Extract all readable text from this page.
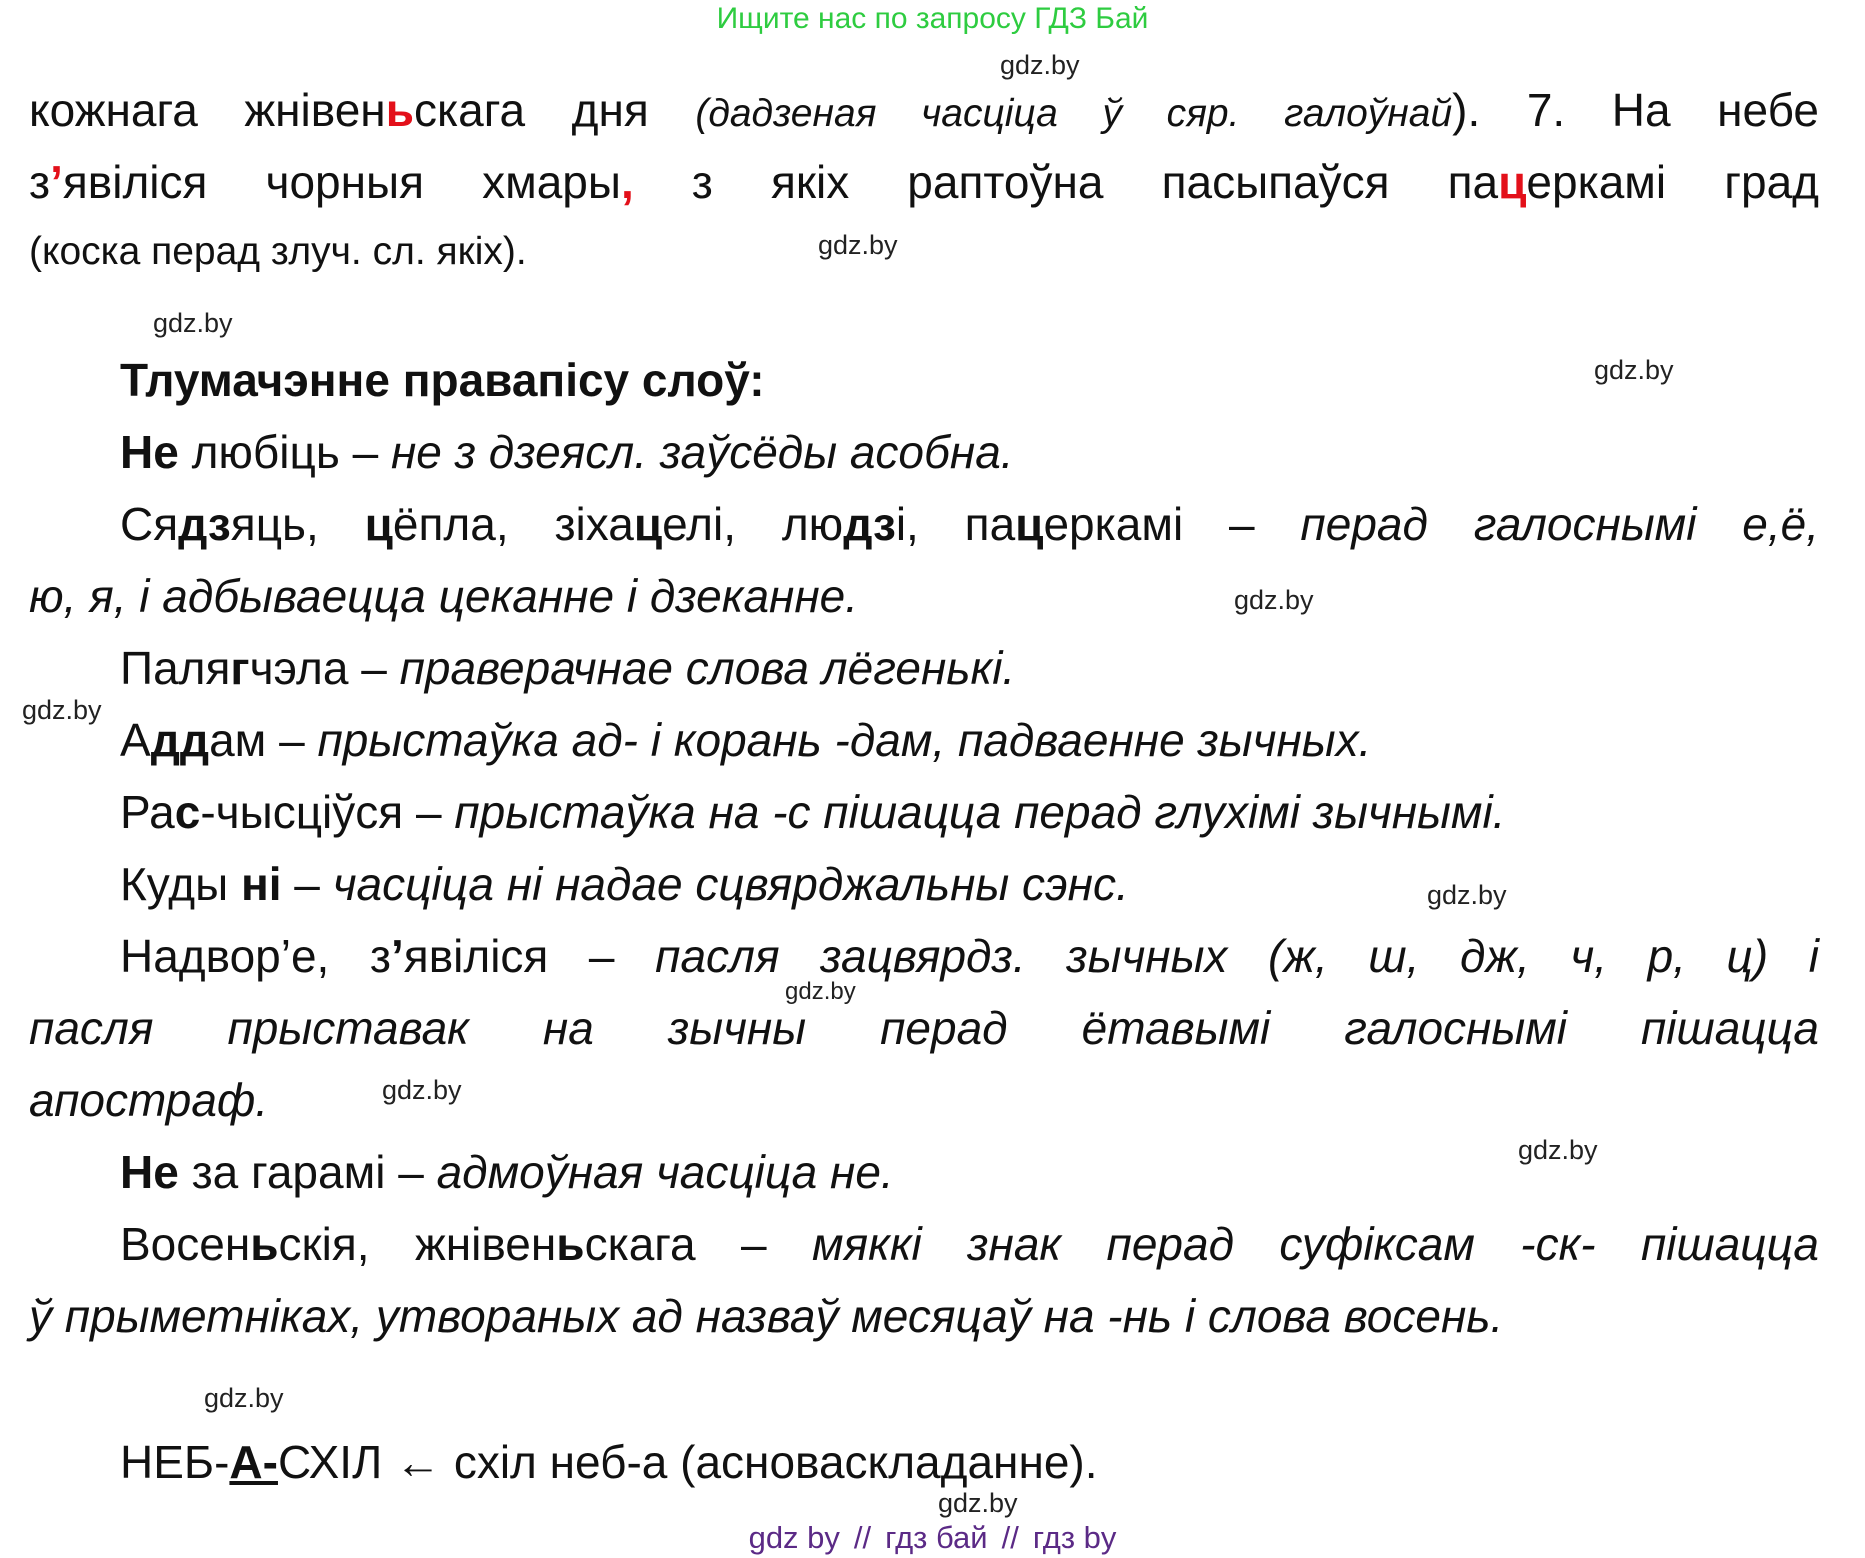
Ищите нас по запросу ГДЗ Бай
gdz.by
gdz.by
gdz.by
gdz.by
gdz.by
gdz.by
gdz.by
gdz.by
gdz.by
gdz.by
gdz.by
gdz.by
кожнага жнівеньскага дня (дадзеная часціца ў сяр. галоўнай). 7. На небе
з’явіліся чорныя хмары, з якіх раптоўна пасыпаўся пацеркамі град
(коска перад злуч. сл. якіх).
Тлумачэнне правапісу слоў:
Не любіць – не з дзеясл. заўсёды асобна.
Сядзяць, цёпла, зіхацелі, людзі, пацеркамі – перад галоснымі е,ё,
ю, я, і адбываецца цеканне і дзеканне.
Палягчэла – праверачнае слова лёгенькі.
Аддам – прыстаўка ад- і корань -дам, падваенне зычных.
Рас-чысціўся – прыстаўка на -с пішацца перад глухімі зычнымі.
Куды ні – часціца ні надае сцвярджальны сэнс.
Надвор’е, з’явіліся – пасля зацвярдз. зычных (ж, ш, дж, ч, р, ц) і
пасля прыставак на зычны перад ётавымі галоснымі пішацца
апостраф.
Не за гарамі – адмоўная часціца не.
Восеньскія, жнівеньскага – мяккі знак перад суфіксам -ск- пішацца
ў прыметніках, утвораных ад назваў месяцаў на -нь і слова восень.
НЕБ-А-СХІЛ ← схіл неб-а (асноваскладанне).
gdz by // гдз бай // гдз by
